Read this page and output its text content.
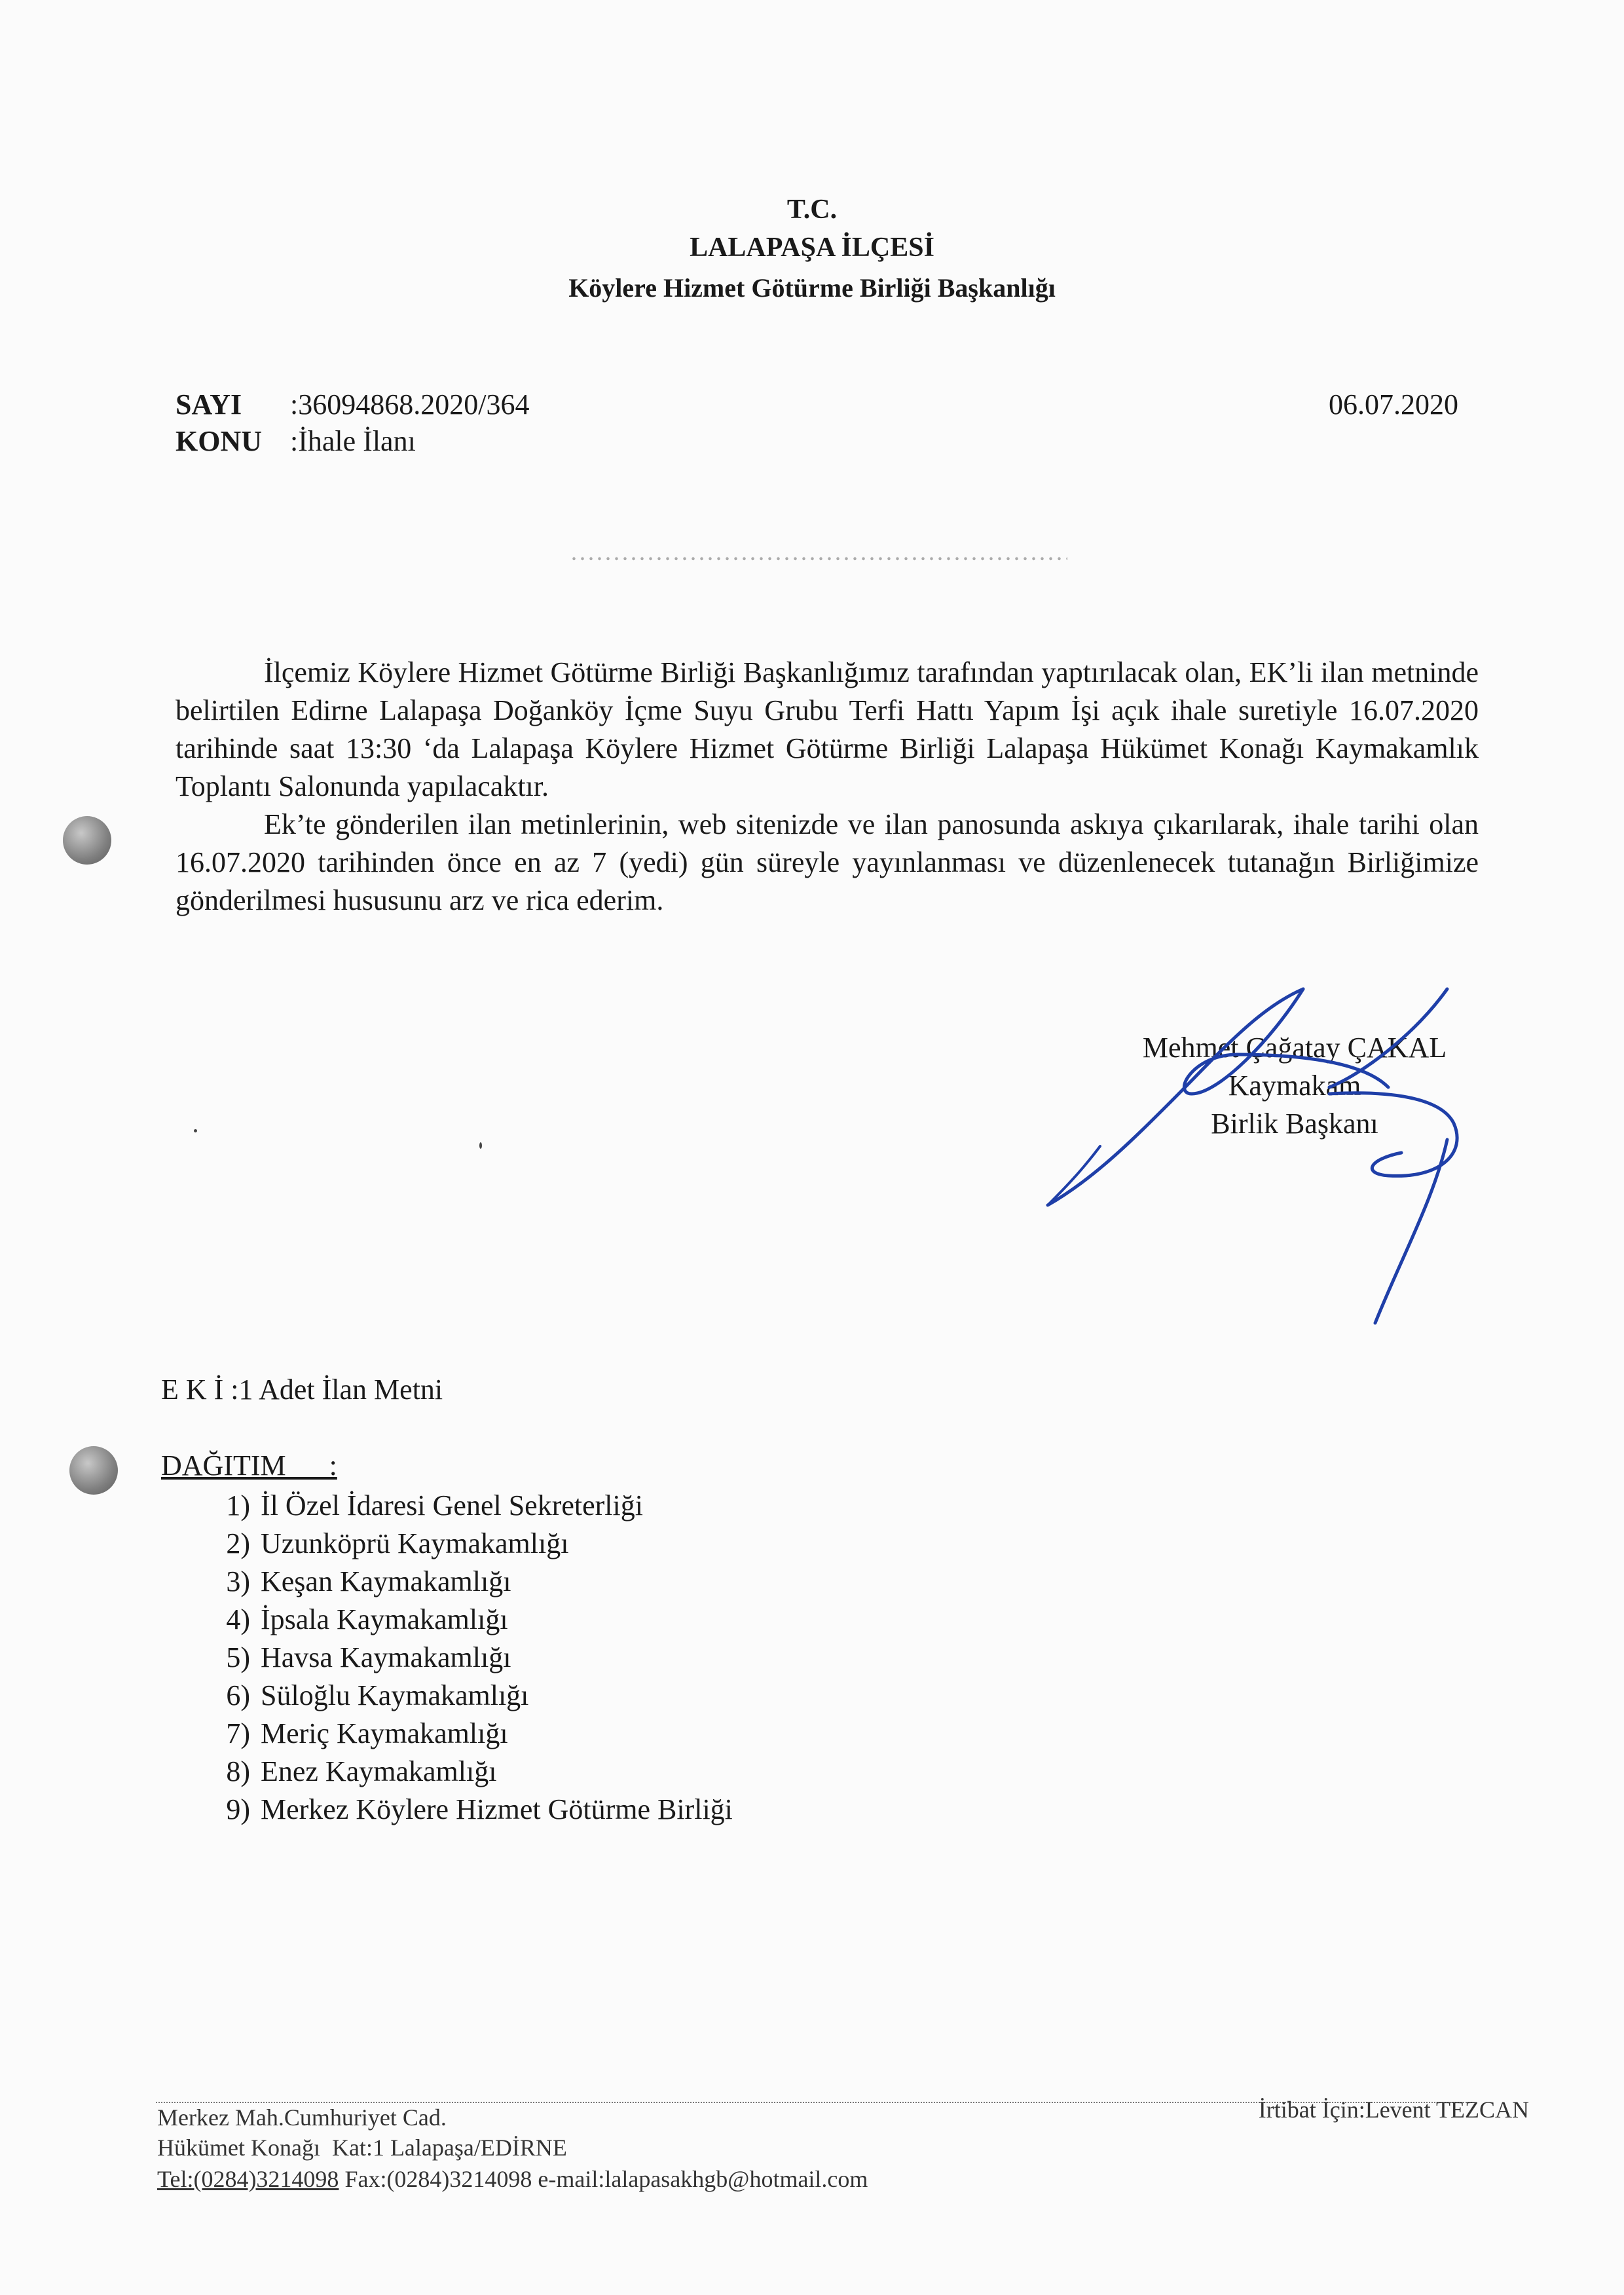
T.C.
LALAPAŞA İLÇESİ
Köylere Hizmet Götürme Birliği Başkanlığı
SAYI :36094868.2020/364
KONU :İhale İlanı
06.07.2020
İlçemiz Köylere Hizmet Götürme Birliği Başkanlığımız tarafından yaptırılacak olan, EK’li ilan metninde belirtilen Edirne Lalapaşa Doğanköy İçme Suyu Grubu Terfi Hattı Yapım İşi açık ihale suretiyle 16.07.2020 tarihinde saat 13:30 ‘da Lalapaşa Köylere Hizmet Götürme Birliği Lalapaşa Hükümet Konağı Kaymakamlık Toplantı Salonunda yapılacaktır.
Ek’te gönderilen ilan metinlerinin, web sitenizde ve ilan panosunda askıya çıkarılarak, ihale tarihi olan 16.07.2020 tarihinden önce en az 7 (yedi) gün süreyle yayınlanması ve düzenlenecek tutanağın Birliğimize gönderilmesi hususunu arz ve rica ederim.
Mehmet Çağatay ÇAKAL
Kaymakam
Birlik Başkanı
E K İ :1 Adet İlan Metni
DAĞITIM      :
1) İl Özel İdaresi Genel Sekreterliği
2) Uzunköprü Kaymakamlığı
3) Keşan Kaymakamlığı
4) İpsala Kaymakamlığı
5) Havsa Kaymakamlığı
6) Süloğlu Kaymakamlığı
7) Meriç Kaymakamlığı
8) Enez Kaymakamlığı
9) Merkez Köylere Hizmet Götürme Birliği
Merkez Mah.Cumhuriyet Cad.
Hükümet Konağı  Kat:1 Lalapaşa/EDİRNE
Tel:(0284)3214098 Fax:(0284)3214098 e-mail:lalapasakhgb@hotmail.com
İrtibat İçin:Levent TEZCAN
